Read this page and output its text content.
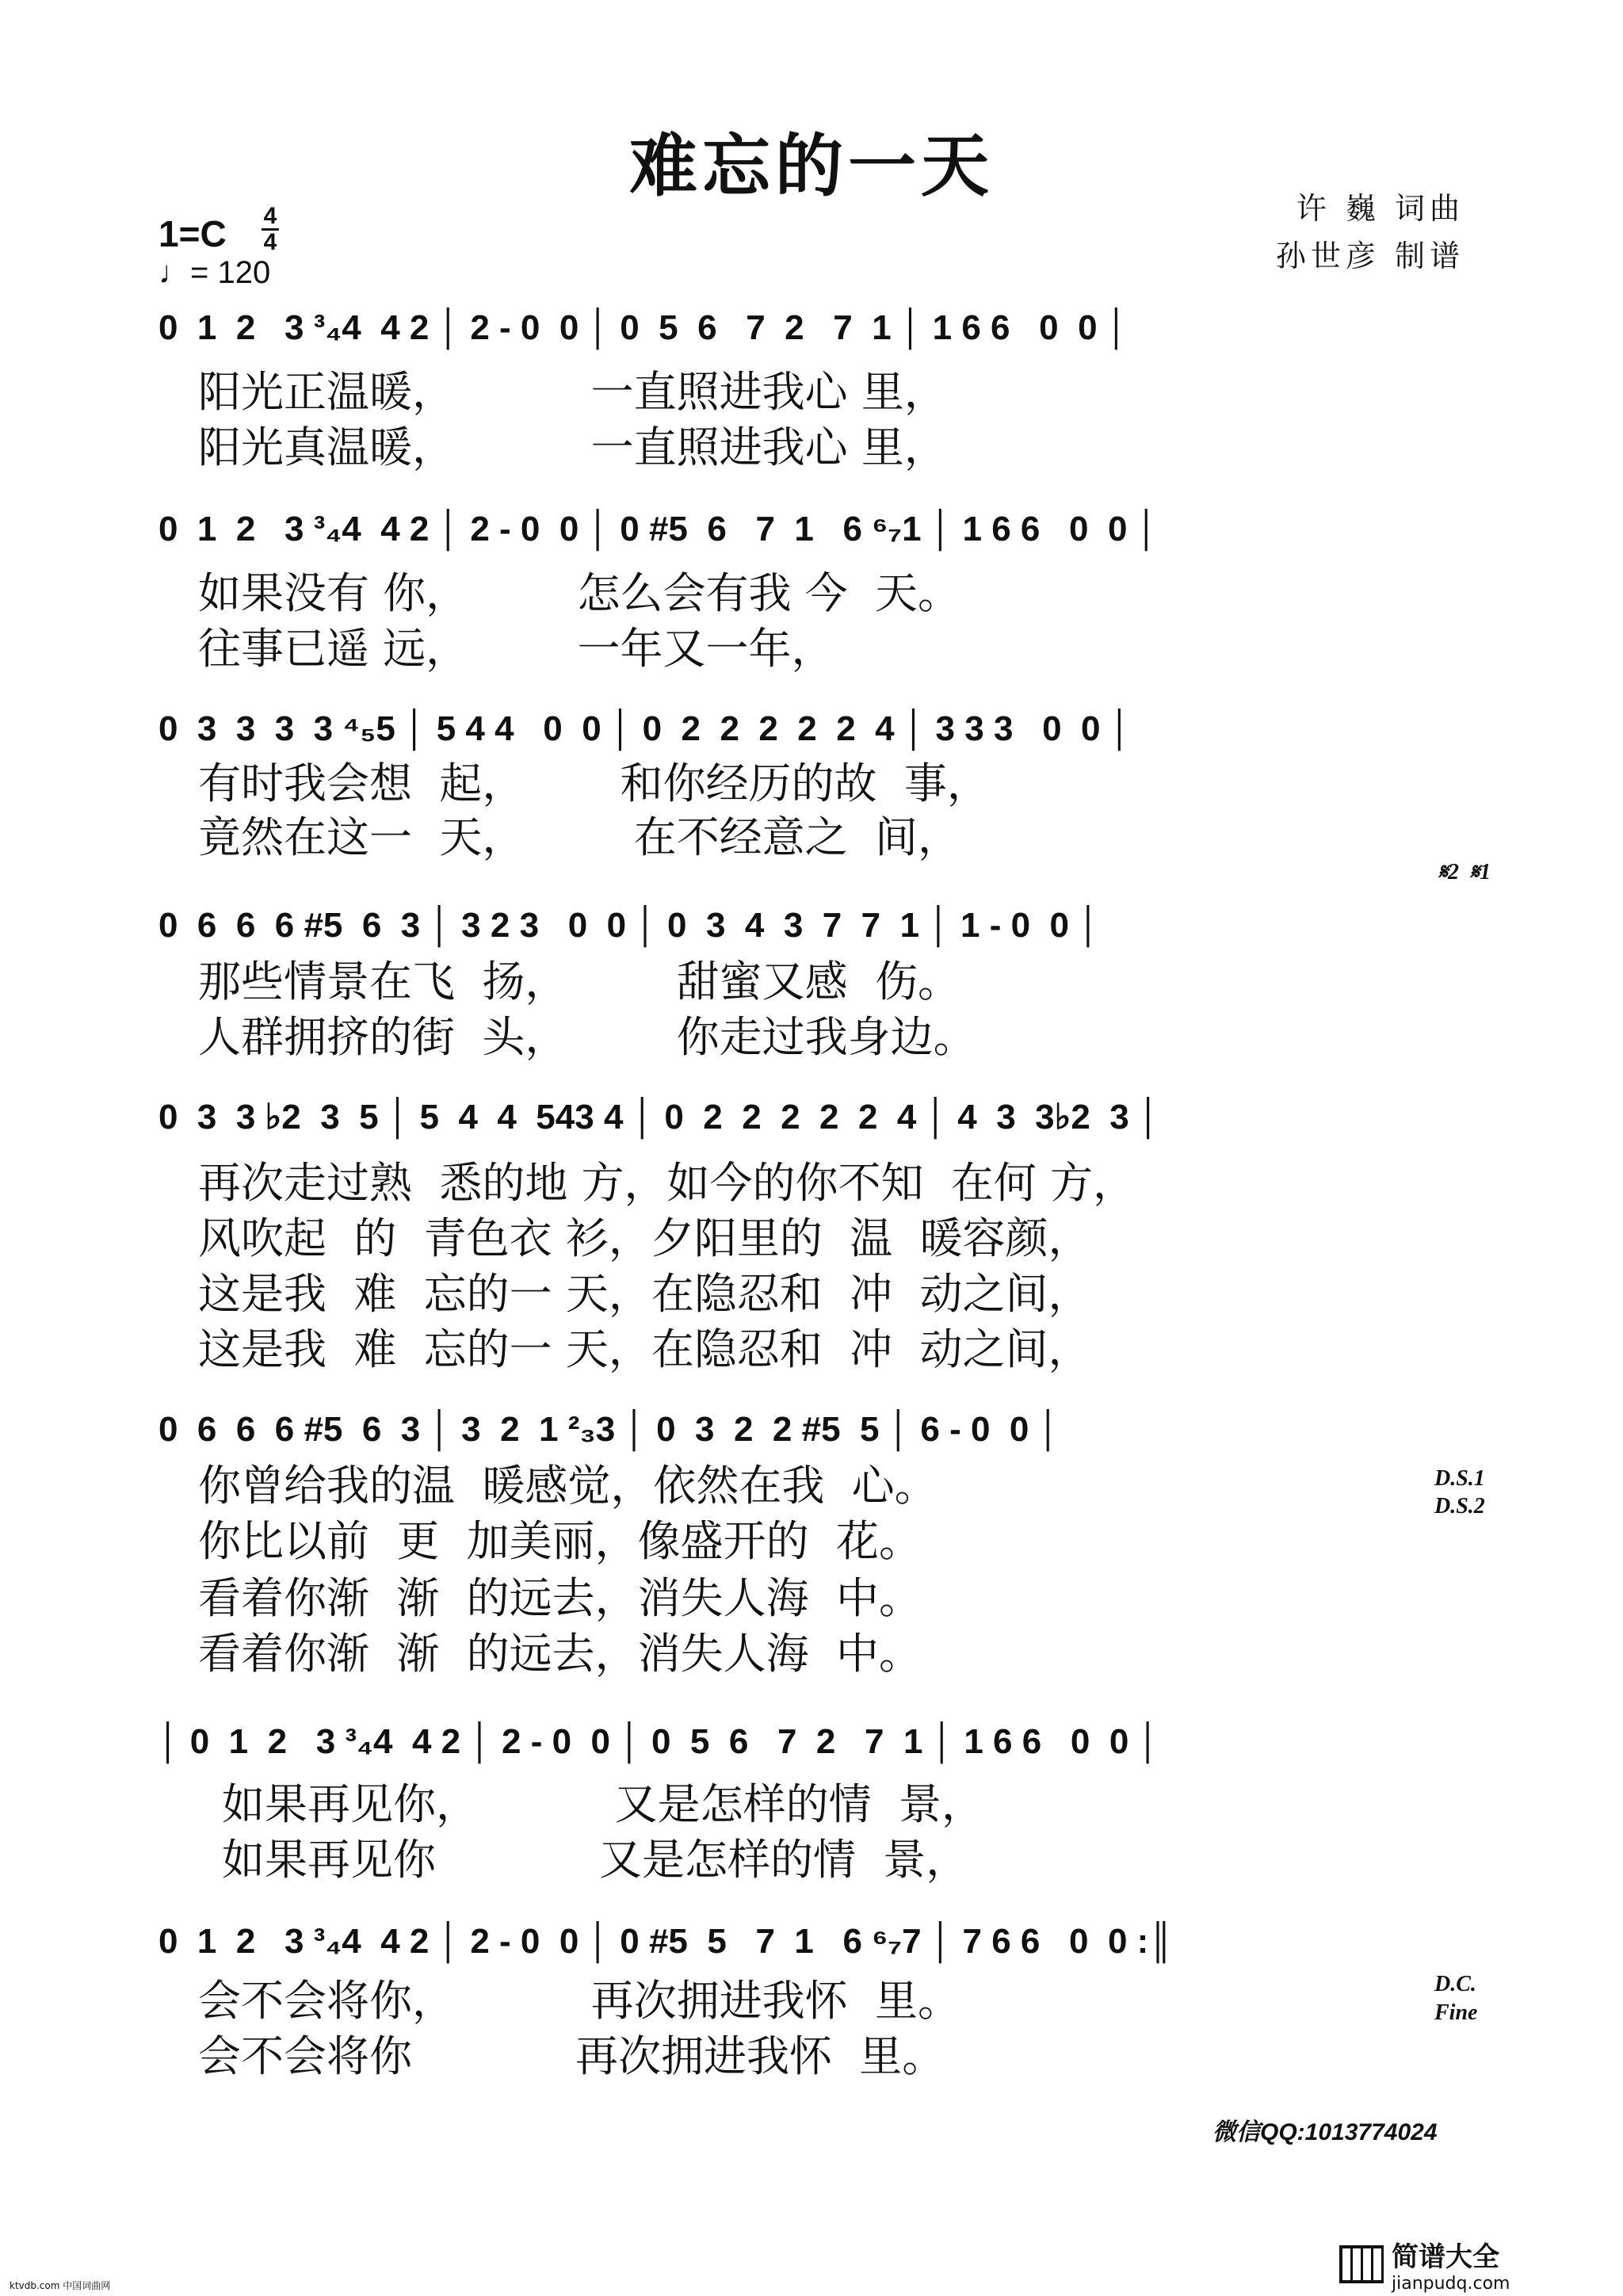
难忘的一天
许 巍 词曲
孙世彦 制谱
1=C 4
4
♩= 120
0  1  2   3 ³₄4  4 2 │ 2 - 0  0 │ 0  5  6   7  2   7  1 │ 1 6 6   0  0 │
阳光正温暖，          一直照进我心 里，
阳光真温暖，          一直照进我心 里，
0  1  2   3 ³₄4  4 2 │ 2 - 0  0 │ 0 #5  6   7  1   6 ⁶₇1 │ 1 6 6   0  0 │
如果没有 你，        怎么会有我 今  天。
往事已遥 远，        一年又一年，
0  3  3  3  3 ⁴₅5 │ 5 4 4   0  0 │ 0  2  2  2  2  2  4 │ 3 3 3   0  0 │
有时我会想  起，       和你经历的故  事，
竟然在这一  天，        在不经意之  间，
0  6  6  6 #5  6  3 │ 3 2 3   0  0 │ 0  3  4  3  7  7  1 │ 1 - 0  0 │
𝄋2  𝄋1
那些情景在飞  扬，        甜蜜又感  伤。
人群拥挤的街  头，        你走过我身边。
0  3  3 ♭2  3  5 │ 5  4  4  543 4 │ 0  2  2  2  2  2  4 │ 4  3  3♭2  3 │
再次走过熟  悉的地 方，如今的你不知  在何 方，
风吹起  的  青色衣 衫，夕阳里的  温  暖容颜，
这是我  难  忘的一 天，在隐忍和  冲  动之间，
这是我  难  忘的一 天，在隐忍和  冲  动之间，
0  6  6  6 #5  6  3 │ 3  2  1 ²₃3 │ 0  3  2  2 #5  5 │ 6 - 0  0 │
D.S.1
D.S.2
你曾给我的温  暖感觉，依然在我  心。
你比以前  更  加美丽，像盛开的  花。
看着你渐  渐  的远去，消失人海  中。
看着你渐  渐  的远去，消失人海  中。
│ 0  1  2   3 ³₄4  4 2 │ 2 - 0  0 │ 0  5  6   7  2   7  1 │ 1 6 6   0  0 │
如果再见你，          又是怎样的情  景，
如果再见你            又是怎样的情  景，
0  1  2   3 ³₄4  4 2 │ 2 - 0  0 │ 0 #5  5   7  1   6 ⁶₇7 │ 7 6 6   0  0 :║
D.C.
Fine
会不会将你，          再次拥进我怀  里。
会不会将你            再次拥进我怀  里。
微信QQ:1013774024
简谱大全
jianpudq.com
ktvdb.com 中国词曲网
